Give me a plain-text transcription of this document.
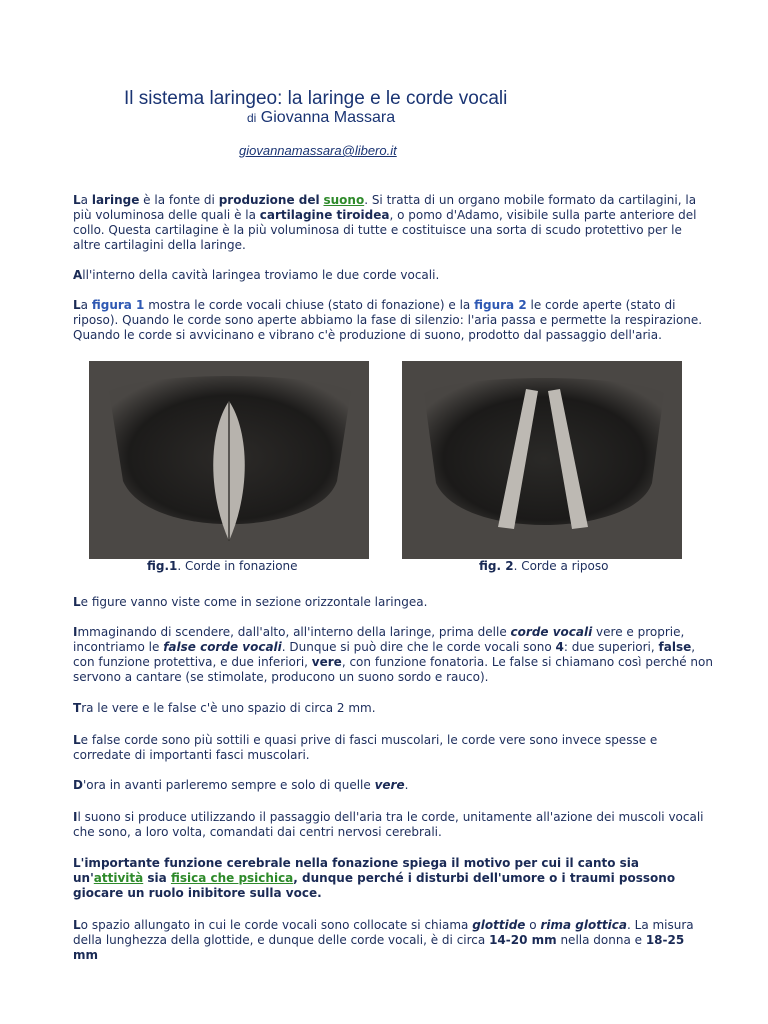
Il sistema laringeo: la laringe e le corde vocali
di Giovanna Massara
giovannamassara@libero.it

La laringe è la fonte di produzione del suono. Si tratta di un organo mobile formato da cartilagini, la più voluminosa delle quali è la cartilagine tiroidea, o pomo d'Adamo, visibile sulla parte anteriore del collo. Questa cartilagine è la più voluminosa di tutte e costituisce una sorta di scudo protettivo per le altre cartilagini della laringe.

All'interno della cavità laringea troviamo le due corde vocali.

La figura 1 mostra le corde vocali chiuse (stato di fonazione) e la figura 2 le corde aperte (stato di riposo). Quando le corde sono aperte abbiamo la fase di silenzio: l'aria passa e permette la respirazione. Quando le corde si avvicinano e vibrano c'è produzione di suono, prodotto dal passaggio dell'aria.

fig.1. Corde in fonazione	fig. 2. Corde a riposo

Le figure vanno viste come in sezione orizzontale laringea.

Immaginando di scendere, dall'alto, all'interno della laringe, prima delle corde vocali vere e proprie, incontriamo le false corde vocali. Dunque si può dire che le corde vocali sono 4: due superiori, false, con funzione protettiva, e due inferiori, vere, con funzione fonatoria. Le false si chiamano così perché non servono a cantare (se stimolate, producono un suono sordo e rauco).

Tra le vere e le false c'è uno spazio di circa 2 mm.

Le false corde sono più sottili e quasi prive di fasci muscolari, le corde vere sono invece spesse e corredate di importanti fasci muscolari.

D'ora in avanti parleremo sempre e solo di quelle vere.

Il suono si produce utilizzando il passaggio dell'aria tra le corde, unitamente all'azione dei muscoli vocali che sono, a loro volta, comandati dai centri nervosi cerebrali.

L'importante funzione cerebrale nella fonazione spiega il motivo per cui il canto sia un'attività sia fisica che psichica, dunque perché i disturbi dell'umore o i traumi possono giocare un ruolo inibitore sulla voce.

Lo spazio allungato in cui le corde vocali sono collocate si chiama glottide o rima glottica. La misura della lunghezza della glottide, e dunque delle corde vocali, è di circa 14-20 mm nella donna e 18-25 mm
